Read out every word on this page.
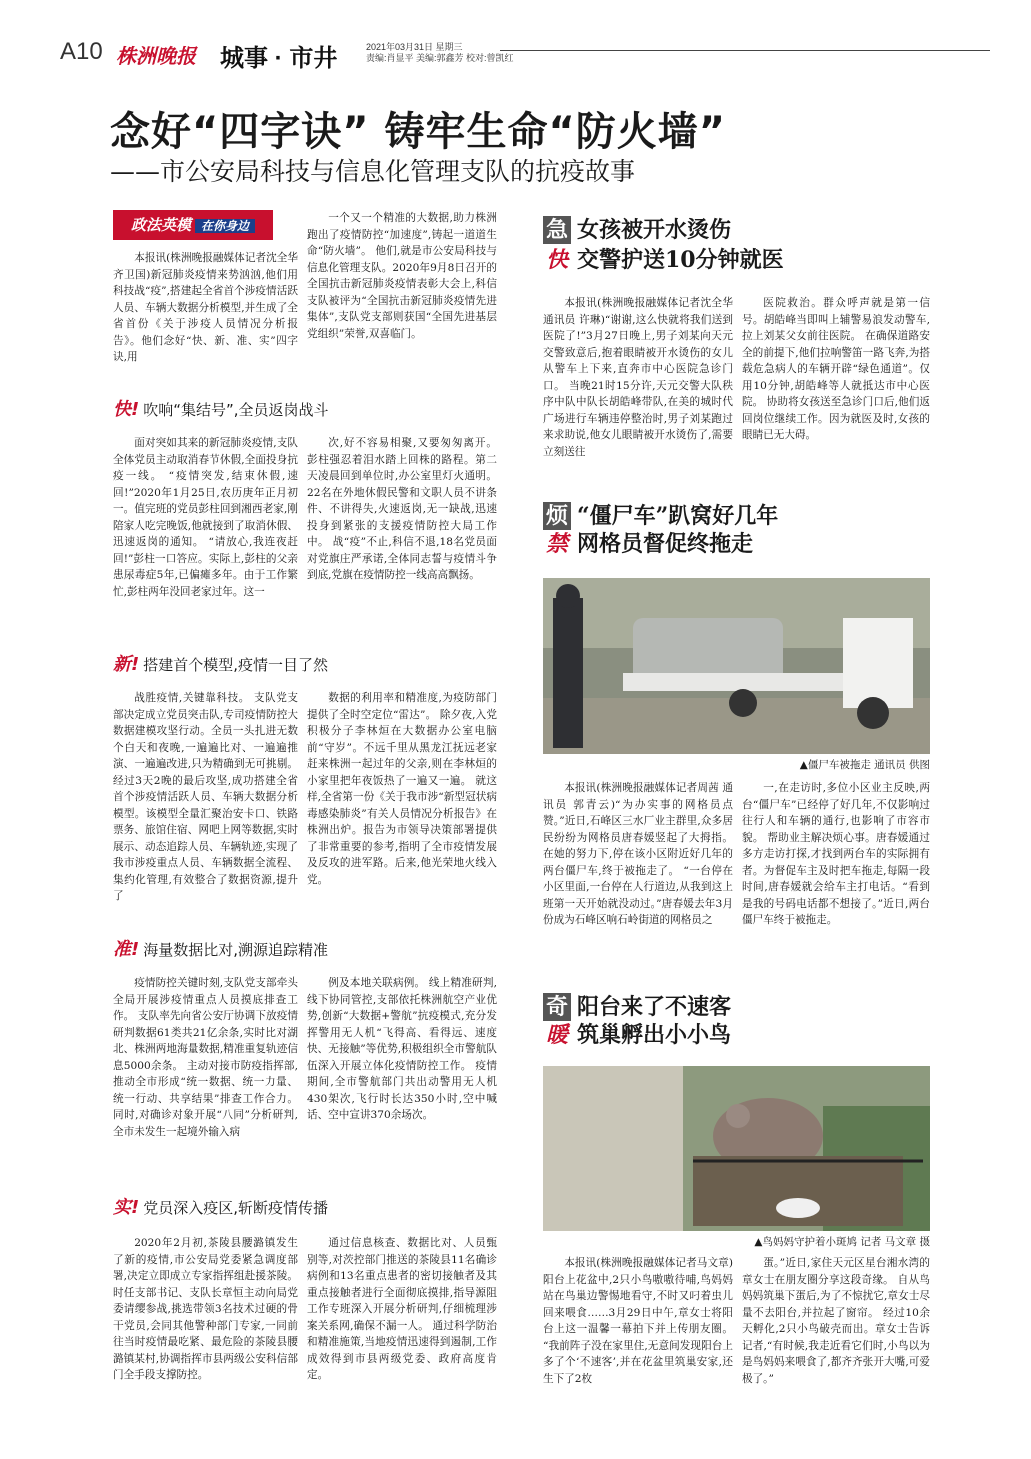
A10 株洲晚报 城事 · 市井	2021年03月31日 星期三
责编:肖显平 美编:郭鑫芳 校对:曾凯红
念好“四字诀” 铸牢生命“防火墙”
——市公安局科技与信息化管理支队的抗疫故事
政法英模 在你身边
本报讯(株洲晚报融媒体记者沈全华 齐卫国)新冠肺炎疫情来势汹汹,他们用科技战“疫”,搭建起全省首个涉疫情活跃人员、车辆大数据分析模型,并生成了全省首份《关于涉疫人员情况分析报告》。他们念好“快、新、准、实”四字诀,用
一个又一个精准的大数据,助力株洲跑出了疫情防控“加速度”,铸起一道道生命“防火墙”。 他们,就是市公安局科技与信息化管理支队。2020年9月8日召开的全国抗击新冠肺炎疫情表彰大会上,科信支队被评为“全国抗击新冠肺炎疫情先进集体”,支队党支部则获国“全国先进基层党组织”荣誉,双喜临门。
快! 吹响“集结号”,全员返岗战斗
面对突如其来的新冠肺炎疫情,支队全体党员主动取消春节休假,全面投身抗疫一线。 “疫情突发,结束休假,速回!”2020年1月25日,农历庚年正月初一。值完班的党员彭柱回到湘西老家,刚陪家人吃完晚饭,他就接到了取消休假、迅速返岗的通知。 “请放心,我连夜赶回!”彭柱一口答应。实际上,彭柱的父亲患尿毒症5年,已偏瘫多年。由于工作繁忙,彭柱两年没回老家过年。这一
次,好不容易相聚,又要匆匆离开。 彭柱强忍着泪水踏上回株的路程。第二天凌晨回到单位时,办公室里灯火通明。22名在外地休假民警和文职人员不讲条件、不讲得失,火速返岗,无一缺战,迅速投身到紧张的支援疫情防控大局工作中。 战“疫”不止,科信不退,18名党员面对党旗庄严承诺,全体同志誓与疫情斗争到底,党旗在疫情防控一线高高飘扬。
新! 搭建首个模型,疫情一目了然
战胜疫情,关键靠科技。 支队党支部决定成立党员突击队,专司疫情防控大数据建模攻坚行动。全员一头扎进无数个白天和夜晚,一遍遍比对、一遍遍推演、一遍遍改进,只为精确到无可挑剔。 经过3天2晚的最后攻坚,成功搭建全省首个涉疫情活跃人员、车辆大数据分析模型。该模型全量汇聚治安卡口、铁路票务、旅馆住宿、网吧上网等数据,实时展示、动态追踪人员、车辆轨迹,实现了我市涉疫重点人员、车辆数据全流程、集约化管理,有效整合了数据资源,提升了
数据的利用率和精准度,为疫防部门提供了全时空定位“雷达”。 除夕夜,入党积极分子李林烜在大数据办公室电脑前“守岁”。不远千里从黑龙江抚远老家赶来株洲一起过年的父亲,则在李林烜的小家里把年夜饭热了一遍又一遍。 就这样,全省第一份《关于我市涉“新型冠状病毒感染肺炎”有关人员情况分析报告》在株洲出炉。报告为市领导决策部署提供了非常重要的参考,指明了全市疫情发展及反攻的进军路。后来,他光荣地火线入党。
准! 海量数据比对,溯源追踪精准
疫情防控关键时刻,支队党支部牵头全局开展涉疫情重点人员摸底排查工作。 支队率先向省公安厅协调下放疫情研判数据61类共21亿余条,实时比对湖北、株洲两地海量数据,精准重复轨迹信息5000余条。 主动对接市防疫指挥部,推动全市形成“统一数据、统一力量、统一行动、共享结果”排查工作合力。同时,对确诊对象开展“八同”分析研判,全市未发生一起境外输入病
例及本地关联病例。 线上精准研判,线下协同管控,支部依托株洲航空产业优势,创新“大数据+警航”抗疫模式,充分发挥警用无人机“飞得高、看得远、速度快、无接触”等优势,积极组织全市警航队伍深入开展立体化疫情防控工作。 疫情期间,全市警航部门共出动警用无人机430架次,飞行时长达350小时,空中喊话、空中宣讲370余场次。
实! 党员深入疫区,斩断疫情传播
2020年2月初,茶陵县腰潞镇发生了新的疫情,市公安局党委紧急调度部署,决定立即成立专家指挥组赴援茶陵。 时任支部书记、支队长章恒主动向局党委请缨参战,挑选带领3名技术过硬的骨干党员,会同其他警种部门专家,一同前往当时疫情最吃紧、最危险的茶陵县腰潞镇某村,协调指挥市县两级公安科信部门全手段支撑防控。
通过信息核查、数据比对、人员甄别等,对茨控部门推送的茶陵县11名确诊病例和13名重点患者的密切接触者及其重点接触者进行全面彻底摸排,指导源阻工作专班深入开展分析研判,仔细梳理涉案关系网,确保不漏一人。 通过科学防治和精准施策,当地疫情迅速得到遏制,工作成效得到市县两级党委、政府高度肯定。
急 女孩被开水烫伤
快 交警护送10分钟就医
本报讯(株洲晚报融媒体记者沈全华 通讯员 许琳)“谢谢,这么快就将我们送到医院了!”3月27日晚上,男子刘某向天元交警致意后,抱着眼睛被开水烫伤的女儿从警车上下来,直奔市中心医院急诊门口。 当晚21时15分许,天元交警大队秩序中队中队长胡皓峰带队,在美的城时代广场进行车辆违停整治时,男子刘某跑过来求助说,他女儿眼睛被开水烫伤了,需要立刻送往
医院救治。群众呼声就是第一信号。胡皓峰当即叫上辅警易浪发动警车,拉上刘某父女前往医院。 在确保道路安全的前提下,他们拉响警笛一路飞奔,为搭载危急病人的车辆开辟“绿色通道”。仅用10分钟,胡皓峰等人就抵达市中心医院。 协助将女孩送至急诊门口后,他们返回岗位继续工作。因为就医及时,女孩的眼睛已无大碍。
烦 “僵尸车”趴窝好几年
禁 网格员督促终拖走
▲僵尸车被拖走 通讯员 供图
本报讯(株洲晚报融媒体记者周茜 通讯员 郭青云)“为办实事的网格员点赞。”近日,石峰区三水厂业主群里,众多居民纷纷为网格员唐春媛竖起了大拇指。在她的努力下,停在该小区附近好几年的两台僵尸车,终于被拖走了。 “一台停在小区里面,一台停在人行道边,从我到这上班第一天开始就没动过。”唐春媛去年3月份成为石峰区响石岭街道的网格员之
一,在走访时,多位小区业主反映,两台“僵尸车”已经停了好几年,不仅影响过往行人和车辆的通行,也影响了市容市貌。 帮助业主解决烦心事。唐春媛通过多方走访打探,才找到两台车的实际拥有者。为督促车主及时把车拖走,每隔一段时间,唐春媛就会给车主打电话。“看到是我的号码电话都不想接了。”近日,两台僵尸车终于被拖走。
奇 阳台来了不速客
暖 筑巢孵出小小鸟
▲鸟妈妈守护着小斑鸠 记者 马文章 摄
本报讯(株洲晚报融媒体记者马文章)阳台上花盆中,2只小鸟嗷嗷待哺,鸟妈妈站在鸟巢边警惕地看守,不时又叼着虫儿回来喂食……3月29日中午,章女士将阳台上这一温馨一幕拍下并上传朋友圈。 “我前阵子没在家里住,无意间发现阳台上多了个‘不速客’,并在花盆里筑巢安家,还生下了2枚
蛋。”近日,家住天元区星台湘水湾的章女士在朋友圈分享这段奇缘。 自从鸟妈妈筑巢下蛋后,为了不惊扰它,章女士尽量不去阳台,并拉起了窗帘。 经过10余天孵化,2只小鸟破壳而出。章女士告诉记者,“有时候,我走近看它们时,小鸟以为是鸟妈妈来喂食了,都齐齐张开大嘴,可爱极了。”
